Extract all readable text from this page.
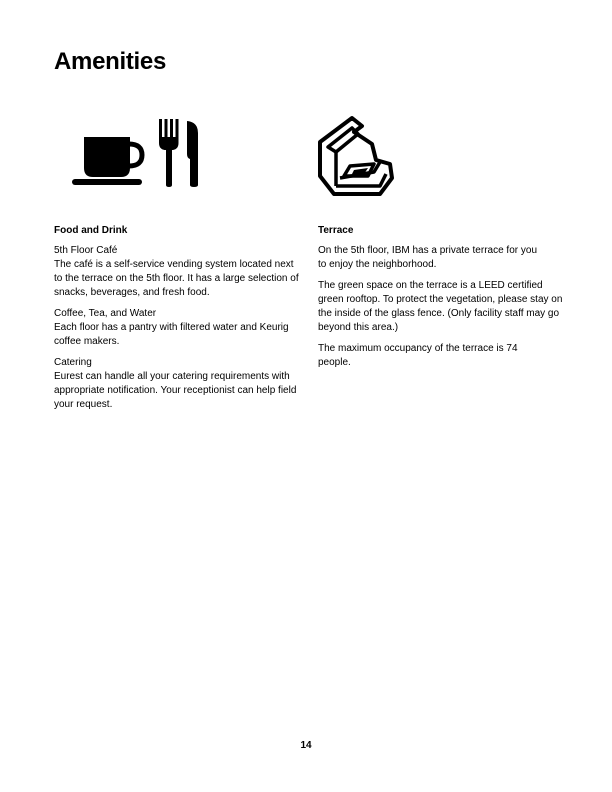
Amenities

Food and Drink

5th Floor Café

The café is a self-service vending system located next to the terrace on the 5th floor. It has a large selection of snacks, beverages, and fresh food.

Coffee, Tea, and Water

Each floor has a pantry with filtered water and Keurig coffee makers.

Catering

Eurest can handle all your catering requirements with appropriate notification. Your receptionist can help field your request.

Terrace

On the 5th floor, IBM has a private terrace for you to enjoy the neighborhood.

The green space on the terrace is a LEED certified green rooftop. To protect the vegetation, please stay on the inside of the glass fence. (Only facility staff may go beyond this area.)

The maximum occupancy of the terrace is 74 people.

14
